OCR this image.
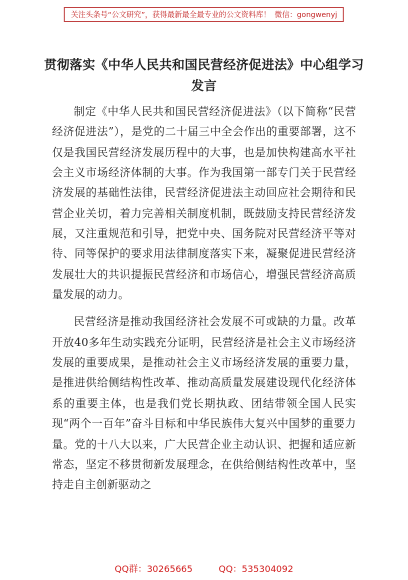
关注头条号“公文研究”，获得最新最全最专业的公文资料库！ 微信：gongwenyj
贯彻落实《中华人民共和国民营经济促进法》中心组学习发言

制定《中华人民共和国民营经济促进法》（以下简称“民营经济促进法”），是党的二十届三中全会作出的重要部署，这不仅是我国民营经济发展历程中的大事，也是加快构建高水平社会主义市场经济体制的大事。作为我国第一部专门关于民营经济发展的基础性法律，民营经济促进法主动回应社会期待和民营企业关切，着力完善相关制度机制，既鼓励支持民营经济发展，又注重规范和引导，把党中央、国务院对民营经济平等对待、同等保护的要求用法律制度落实下来，凝聚促进民营经济发展壮大的共识提振民营经济和市场信心，增强民营经济高质量发展的动力。

民营经济是推动我国经济社会发展不可或缺的力量。改革开放40多年生动实践充分证明，民营经济是社会主义市场经济发展的重要成果，是推动社会主义市场经济发展的重要力量，是推进供给侧结构性改革、推动高质量发展建设现代化经济体系的重要主体，也是我们党长期执政、团结带领全国人民实现“两个一百年”奋斗目标和中华民族伟大复兴中国梦的重要力量。党的十八大以来，广大民营企业主动认识、把握和适应新常态，坚定不移贯彻新发展理念，在供给侧结构性改革中，坚持走自主创新驱动之

QQ群：30265665	QQ：535304092
